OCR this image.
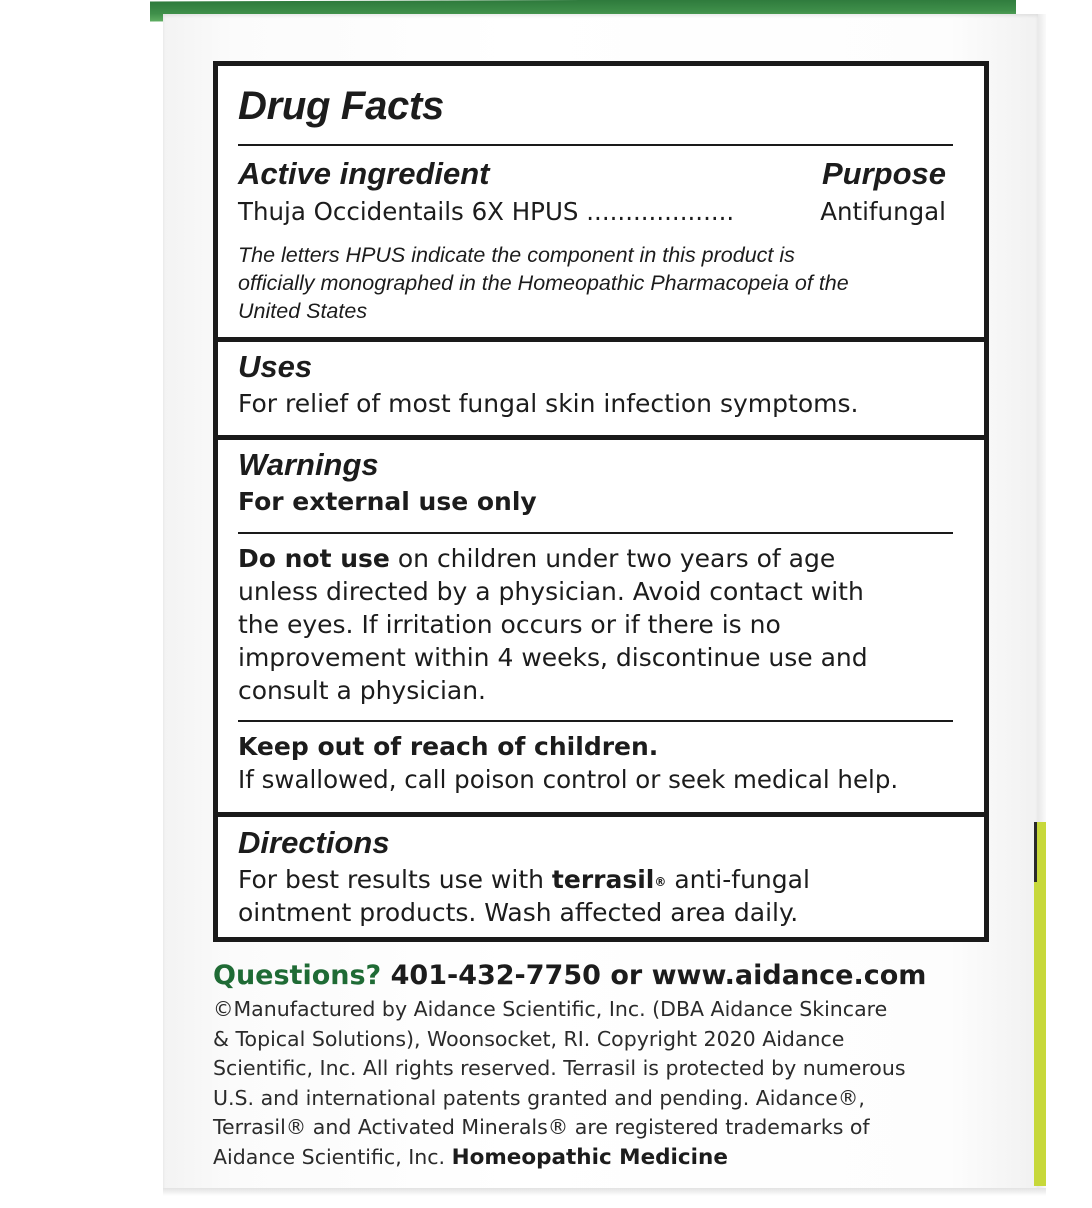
Drug Facts
Active ingredient	Purpose
Thuja Occidentails 6X HPUS ...................	Antifungal
The letters HPUS indicate the component in this product is
officially monographed in the Homeopathic Pharmacopeia of the
United States
Uses
For relief of most fungal skin infection symptoms.
Warnings
For external use only
Do not use on children under two years of age
unless directed by a physician. Avoid contact with
the eyes. If irritation occurs or if there is no
improvement within 4 weeks, discontinue use and
consult a physician.
Keep out of reach of children.
If swallowed, call poison control or seek medical help.
Directions
For best results use with terrasil® anti-fungal
ointment products. Wash affected area daily.
Questions? 401-432-7750 or www.aidance.com
©Manufactured by Aidance Scientific, Inc. (DBA Aidance Skincare
& Topical Solutions), Woonsocket, RI. Copyright 2020 Aidance
Scientific, Inc. All rights reserved. Terrasil is protected by numerous
U.S. and international patents granted and pending. Aidance®,
Terrasil® and Activated Minerals® are registered trademarks of
Aidance Scientific, Inc. Homeopathic Medicine
